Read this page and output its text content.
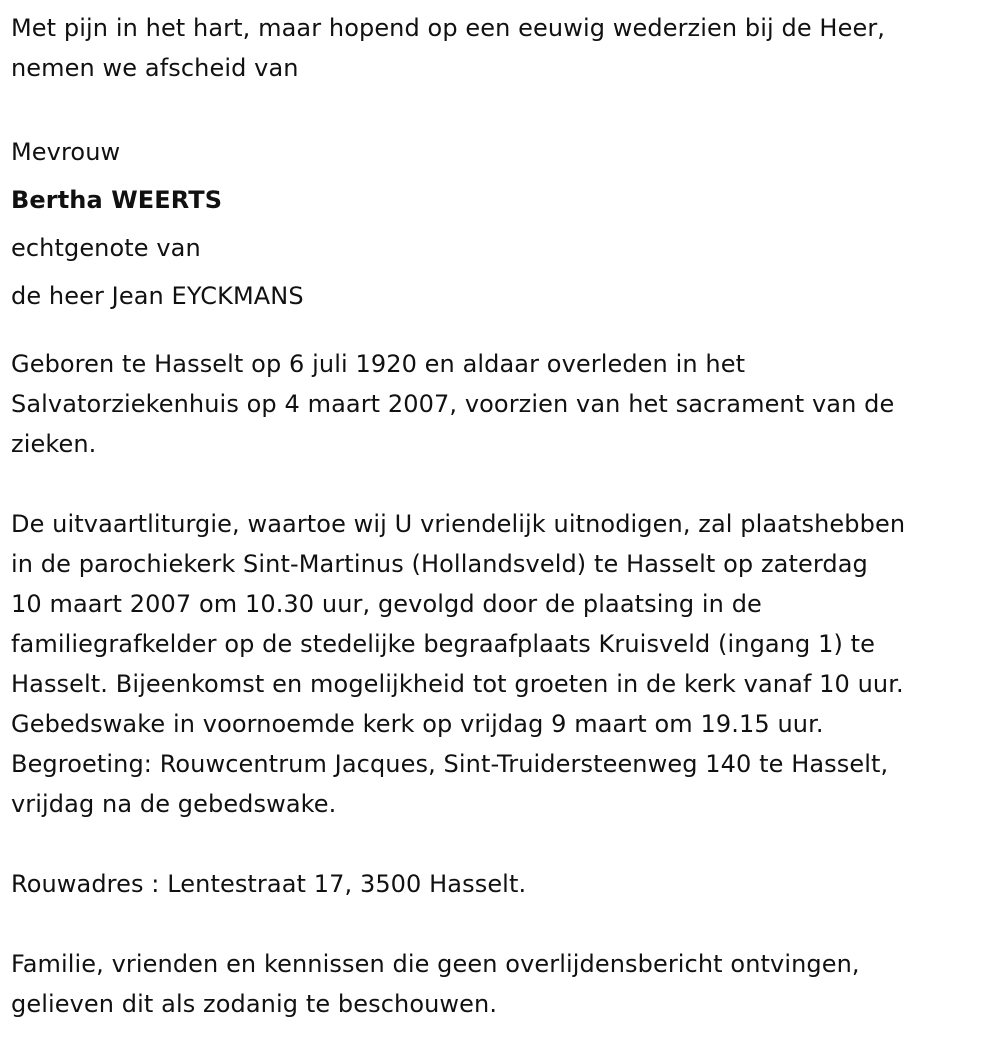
Met pijn in het hart, maar hopend op een eeuwig wederzien bij de Heer,
nemen we afscheid van
Mevrouw
Bertha WEERTS
echtgenote van
de heer Jean EYCKMANS
Geboren te Hasselt op 6 juli 1920 en aldaar overleden in het
Salvatorziekenhuis op 4 maart 2007, voorzien van het sacrament van de
zieken.
De uitvaartliturgie, waartoe wij U vriendelijk uitnodigen, zal plaatshebben
in de parochiekerk Sint-Martinus (Hollandsveld) te Hasselt op zaterdag
10 maart 2007 om 10.30 uur, gevolgd door de plaatsing in de
familiegrafkelder op de stedelijke begraafplaats Kruisveld (ingang 1) te
Hasselt. Bijeenkomst en mogelijkheid tot groeten in de kerk vanaf 10 uur.
Gebedswake in voornoemde kerk op vrijdag 9 maart om 19.15 uur.
Begroeting: Rouwcentrum Jacques, Sint-Truidersteenweg 140 te Hasselt,
vrijdag na de gebedswake.
Rouwadres : Lentestraat 17, 3500 Hasselt.
Familie, vrienden en kennissen die geen overlijdensbericht ontvingen,
gelieven dit als zodanig te beschouwen.
